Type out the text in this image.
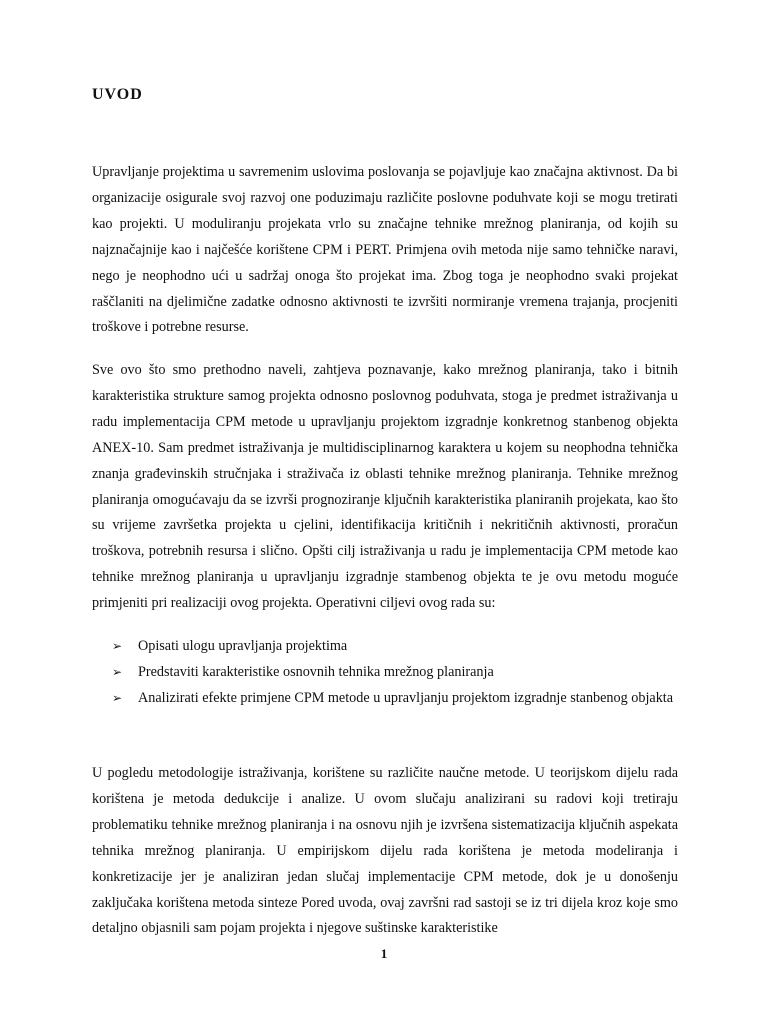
UVOD

Upravljanje projektima u savremenim uslovima poslovanja se pojavljuje kao značajna aktivnost. Da bi organizacije osigurale svoj razvoj one poduzimaju različite poslovne poduhvate koji se mogu tretirati kao projekti. U moduliranju projekata vrlo su značajne tehnike mrežnog planiranja, od kojih su najznačajnije kao i najčešće korištene CPM i PERT. Primjena ovih metoda nije samo tehničke naravi, nego je neophodno ući u sadržaj onoga što projekat ima. Zbog toga je neophodno svaki projekat raščlaniti na djelimične zadatke odnosno aktivnosti te izvršiti normiranje vremena trajanja, procjeniti troškove i potrebne resurse.

Sve ovo što smo prethodno naveli, zahtjeva poznavanje, kako mrežnog planiranja, tako i bitnih karakteristika strukture samog projekta odnosno poslovnog poduhvata, stoga je predmet istraživanja u radu implementacija CPM metode u upravljanju projektom izgradnje konkretnog stanbenog objekta ANEX-10. Sam predmet istraživanja je multidisciplinarnog karaktera u kojem su neophodna tehnička znanja građevinskih stručnjaka i straživača iz oblasti tehnike mrežnog planiranja. Tehnike mrežnog planiranja omogućavaju da se izvrši prognoziranje ključnih karakteristika planiranih projekata, kao što su vrijeme završetka projekta u cjelini, identifikacija kritičnih i nekritičnih aktivnosti, proračun troškova, potrebnih resursa i slično. Opšti cilj istraživanja u radu je implementacija CPM metode kao tehnike mrežnog planiranja u upravljanju izgradnje stambenog objekta te je ovu metodu moguće primjeniti pri realizaciji ovog projekta. Operativni ciljevi ovog rada su:

➢ Opisati ulogu upravljanja projektima
➢ Predstaviti karakteristike osnovnih tehnika mrežnog planiranja
➢ Analizirati efekte primjene CPM metode u upravljanju projektom izgradnje stanbenog objakta

U pogledu metodologije istraživanja, korištene su različite naučne metode. U teorijskom dijelu rada korištena je metoda dedukcije i analize. U ovom slučaju analizirani su radovi koji tretiraju problematiku tehnike mrežnog planiranja i na osnovu njih je izvršena sistematizacija ključnih aspekata tehnika mrežnog planiranja. U empirijskom dijelu rada korištena je metoda modeliranja i konkretizacije jer je analiziran jedan slučaj implementacije CPM metode, dok je u donošenju zaključaka korištena metoda sinteze Pored uvoda, ovaj završni rad sastoji se iz tri dijela kroz koje smo detaljno objasnili sam pojam projekta i njegove suštinske karakteristike

1
